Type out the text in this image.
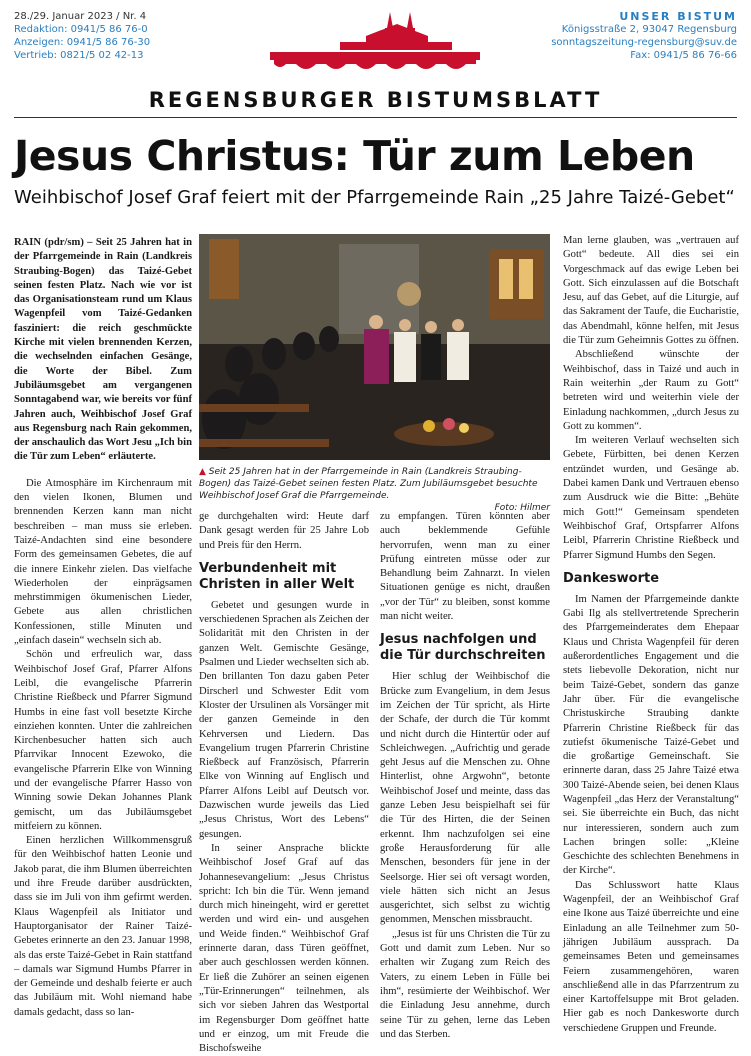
28./29. Januar 2023 / Nr. 4
Redaktion: 0941/5 86 76-0
Anzeigen: 0941/5 86 76-30
Vertrieb: 0821/5 02 42-13
UNSER BISTUM
Königsstraße 2, 93047 Regensburg
sonntagszeitung-regensburg@suv.de
Fax: 0941/5 86 76-66
REGENSBURGER BISTUMSBLATT
Jesus Christus: Tür zum Leben
Weihbischof Josef Graf feiert mit der Pfarrgemeinde Rain „25 Jahre Taizé-Gebet“

RAIN (pdr/sm) – Seit 25 Jahren hat in der Pfarrgemeinde in Rain (Landkreis Straubing-Bogen) das Taizé-Gebet seinen festen Platz. Nach wie vor ist das Organisationsteam rund um Klaus Wagenpfeil vom Taizé-Gedanken fasziniert: die reich geschmückte Kirche mit vielen brennenden Kerzen, die wechselnden einfachen Gesänge, die Worte der Bibel. Zum Jubiläumsgebet am vergangenen Sonntagabend war, wie bereits vor fünf Jahren auch, Weihbischof Josef Graf aus Regensburg nach Rain gekommen, der anschaulich das Wort Jesu „Ich bin die Tür zum Leben“ erläuterte.

Die Atmosphäre im Kirchenraum mit den vielen Ikonen, Blumen und brennenden Kerzen kann man nicht beschreiben – man muss sie erleben. Taizé-Andachten sind eine besondere Form des gemeinsamen Gebetes, die auf die innere Einkehr zielen. Das vielfache Wiederholen der einprägsamen mehrstimmigen ökumenischen Lieder, Gebete aus allen christlichen Konfessionen, stille Minuten und „einfach dasein“ wechseln sich ab.

Schön und erfreulich war, dass Weihbischof Josef Graf, Pfarrer Alfons Leibl, die evangelische Pfarrerin Christine Rießbeck und Pfarrer Sigmund Humbs in eine fast voll besetzte Kirche einziehen konnten. Unter die zahlreichen Kirchenbesucher hatten sich auch Pfarrvikar Innocent Ezewoko, die evangelische Pfarrerin Elke von Winning und der evangelische Pfarrer Hasso von Winning sowie Dekan Johannes Plank gemischt, um das Jubiläumsgebet mitfeiern zu können.

Einen herzlichen Willkommensgruß für den Weihbischof hatten Leonie und Jakob parat, die ihm Blumen überreichten und ihre Freude darüber ausdrückten, dass sie im Juli von ihm gefirmt werden. Klaus Wagenpfeil als Initiator und Hauptorganisator der Rainer Taizé-Gebetes erinnerte an den 23. Januar 1998, als das erste Taizé-Gebet in Rain stattfand – damals war Sigmund Humbs Pfarrer in der Gemeinde und deshalb feierte er auch das Jubiläum mit. Wohl niemand habe damals gedacht, dass so lan-

▲ Seit 25 Jahren hat in der Pfarrgemeinde in Rain (Landkreis Straubing-Bogen) das Taizé-Gebet seinen festen Platz. Zum Jubiläumsgebet besuchte Weihbischof Josef Graf die Pfarrgemeinde.
Foto: Hilmer

ge durchgehalten wird: Heute darf Dank gesagt werden für 25 Jahre Lob und Preis für den Herrn.

Verbundenheit mit Christen in aller Welt

Gebetet und gesungen wurde in verschiedenen Sprachen als Zeichen der Solidarität mit den Christen in der ganzen Welt. Gemischte Gesänge, Psalmen und Lieder wechselten sich ab. Den brillanten Ton dazu gaben Peter Dirscherl und Schwester Edit vom Kloster der Ursulinen als Vorsänger mit der ganzen Gemeinde in den Kehrversen und Liedern. Das Evangelium trugen Pfarrerin Christine Rießbeck auf Französisch, Pfarrerin Elke von Winning auf Englisch und Pfarrer Alfons Leibl auf Deutsch vor. Dazwischen wurde jeweils das Lied „Jesus Christus, Wort des Lebens“ gesungen.

In seiner Ansprache blickte Weihbischof Josef Graf auf das Johannesevangelium: „Jesus Christus spricht: Ich bin die Tür. Wenn jemand durch mich hineingeht, wird er gerettet werden und wird ein- und ausgehen und Weide finden.“ Weihbischof Graf erinnerte daran, dass Türen geöffnet, aber auch geschlossen werden können. Er ließ die Zuhörer an seinen eigenen „Tür-Erinnerungen“ teilnehmen, als sich vor sieben Jahren das Westportal im Regensburger Dom geöffnet hatte und er einzog, um mit Freude die Bischofsweihe

zu empfangen. Türen könnten aber auch beklemmende Gefühle hervorrufen, wenn man zu einer Prüfung eintreten müsse oder zur Behandlung beim Zahnarzt. In vielen Situationen genüge es nicht, draußen „vor der Tür“ zu bleiben, sonst komme man nicht weiter.

Jesus nachfolgen und die Tür durchschreiten

Hier schlug der Weihbischof die Brücke zum Evangelium, in dem Jesus im Zeichen der Tür spricht, als Hirte der Schafe, der durch die Tür kommt und nicht durch die Hintertür oder auf Schleichwegen. „Aufrichtig und gerade geht Jesus auf die Menschen zu. Ohne Hinterlist, ohne Argwohn“, betonte Weihbischof Josef und meinte, dass das ganze Leben Jesu beispielhaft sei für die Tür des Hirten, die der Seinen erkennt. Ihm nachzufolgen sei eine große Herausforderung für alle Menschen, besonders für jene in der Seelsorge. Hier sei oft versagt worden, viele hätten sich nicht an Jesus ausgerichtet, sich selbst zu wichtig genommen, Menschen missbraucht.

„Jesus ist für uns Christen die Tür zu Gott und damit zum Leben. Nur so erhalten wir Zugang zum Reich des Vaters, zu einem Leben in Fülle bei ihm“, resümierte der Weihbischof. Wer die Einladung Jesu annehme, durch seine Tür zu gehen, lerne das Leben und das Sterben.

Man lerne glauben, was „vertrauen auf Gott“ bedeute. All dies sei ein Vorgeschmack auf das ewige Leben bei Gott. Sich einzulassen auf die Botschaft Jesu, auf das Gebet, auf die Liturgie, auf das Sakrament der Taufe, die Eucharistie, das Abendmahl, könne helfen, mit Jesus die Tür zum Geheimnis Gottes zu öffnen.

Abschließend wünschte der Weihbischof, dass in Taizé und auch in Rain weiterhin „der Raum zu Gott“ betreten wird und weiterhin viele der Einladung nachkommen, „durch Jesus zu Gott zu kommen“.

Im weiteren Verlauf wechselten sich Gebete, Fürbitten, bei denen Kerzen entzündet wurden, und Gesänge ab. Dabei kamen Dank und Vertrauen ebenso zum Ausdruck wie die Bitte: „Behüte mich Gott!“ Gemeinsam spendeten Weihbischof Graf, Ortspfarrer Alfons Leibl, Pfarrerin Christine Rießbeck und Pfarrer Sigmund Humbs den Segen.

Dankesworte

Im Namen der Pfarrgemeinde dankte Gabi Ilg als stellvertretende Sprecherin des Pfarrgemeinderates dem Ehepaar Klaus und Christa Wagenpfeil für deren außerordentliches Engagement und die stets liebevolle Dekoration, nicht nur beim Taizé-Gebet, sondern das ganze Jahr über. Für die evangelische Christuskirche Straubing dankte Pfarrerin Christine Rießbeck für das zutiefst ökumenische Taizé-Gebet und die großartige Gemeinschaft. Sie erinnerte daran, dass 25 Jahre Taizé etwa 300 Taizé-Abende seien, bei denen Klaus Wagenpfeil „das Herz der Veranstaltung“ sei. Sie überreichte ein Buch, das nicht nur interessieren, sondern auch zum Lachen bringen solle: „Kleine Geschichte des schlechten Benehmens in der Kirche“.

Das Schlusswort hatte Klaus Wagenpfeil, der an Weihbischof Graf eine Ikone aus Taizé überreichte und eine Einladung an alle Teilnehmer zum 50-jährigen Jubiläum aussprach. Da gemeinsames Beten und gemeinsames Feiern zusammengehören, waren anschließend alle in das Pfarrzentrum zu einer Kartoffelsuppe mit Brot geladen. Hier gab es noch Dankesworte durch verschiedene Gruppen und Freunde.
